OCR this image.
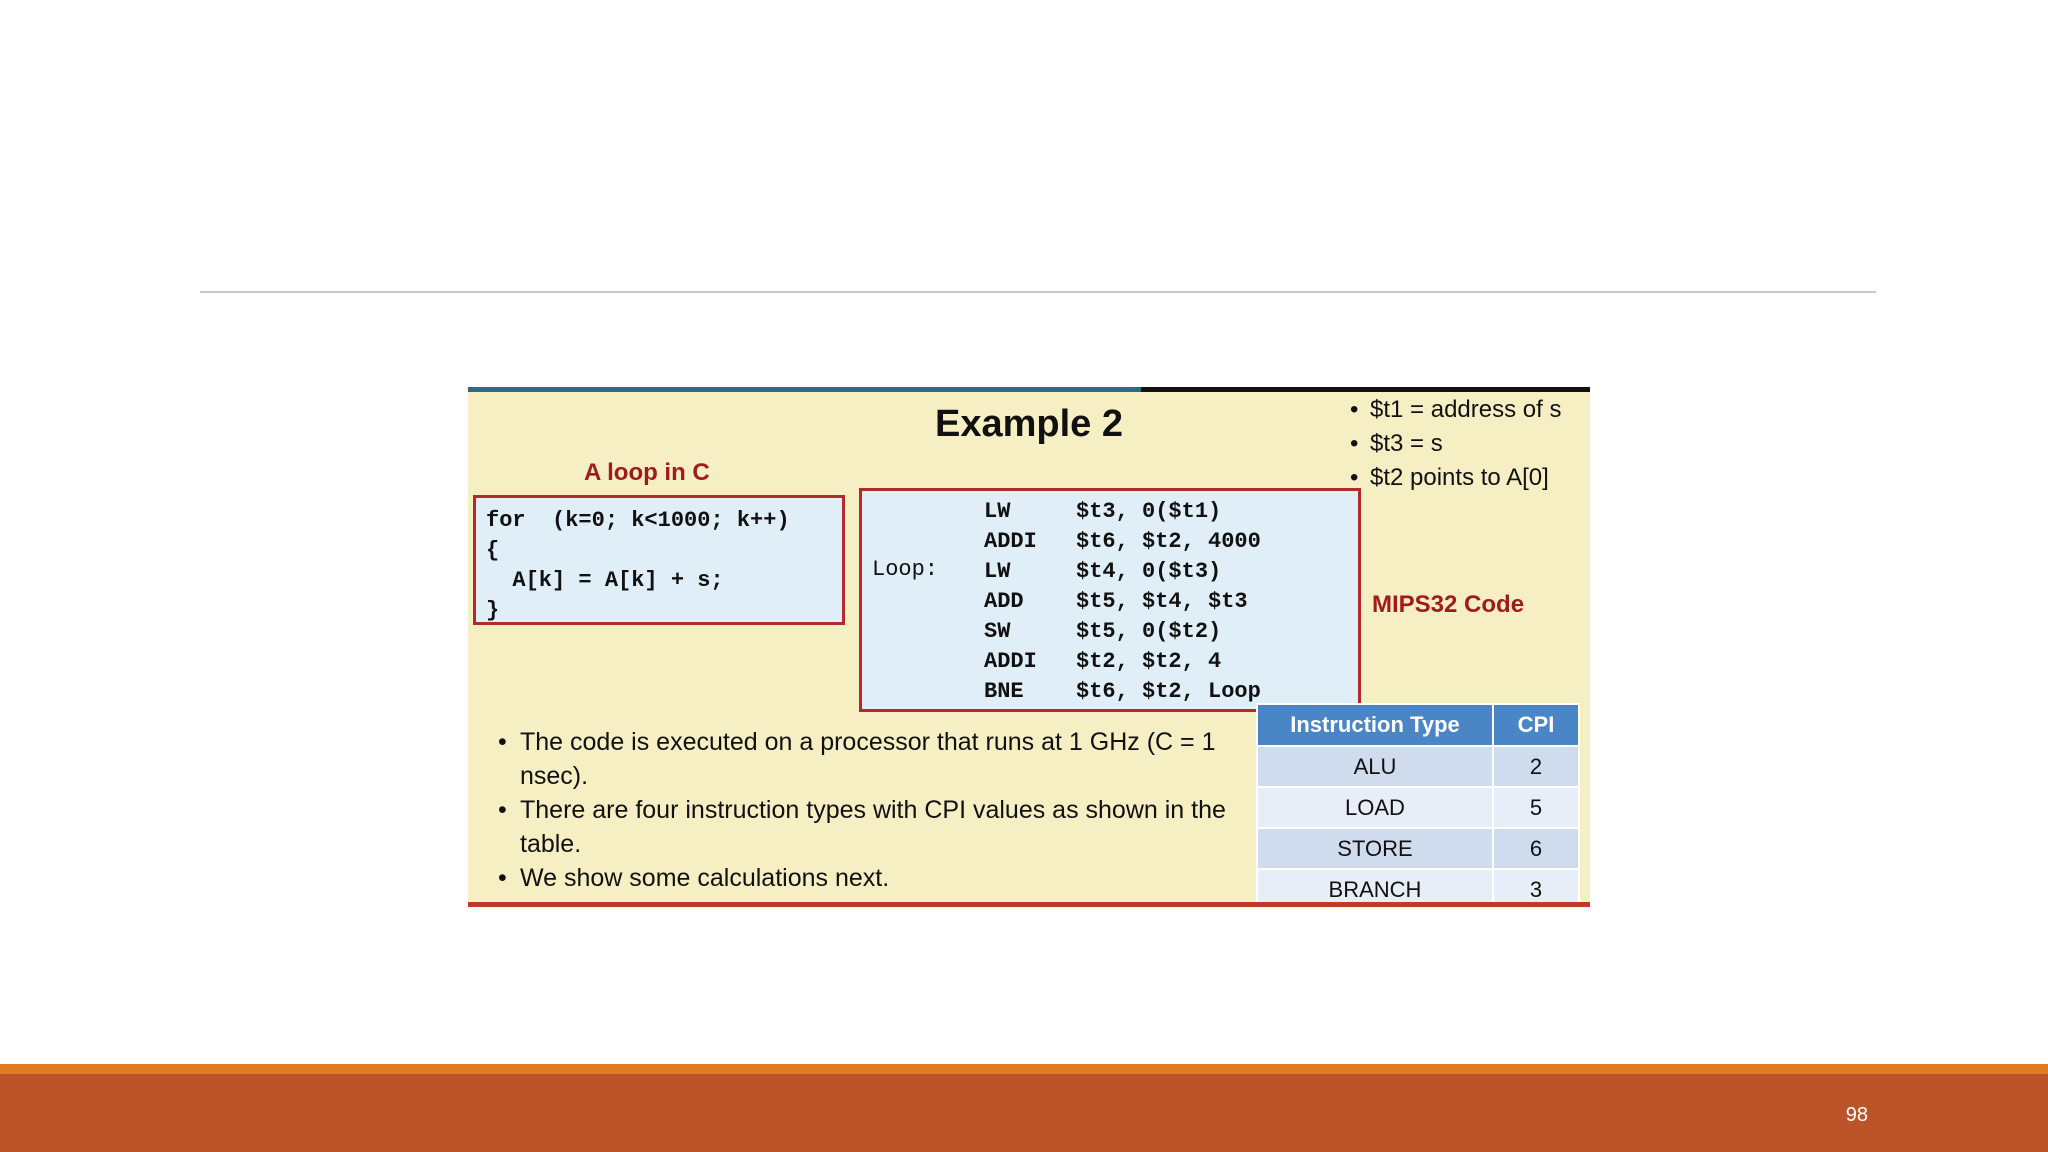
Example 2	• $t1 = address of s
• $t3 = s
• $t2 points to A[0]
A loop in C
for  (k=0; k<1000; k++)
{
A[k] = A[k] + s;
}
Loop:
LW	$t3, 0($t1)
ADDI $t6, $t2, 4000
LW	$t4, 0($t3)
ADD $t5, $t4, $t3
SW	$t5, 0($t2)
ADDI $t2, $t2, 4
BNE $t6, $t2, Loop
MIPS32 Code
• The code is executed on a processor that runs at 1 GHz (C = 1 nsec).
• There are four instruction types with CPI values as shown in the table.
• We show some calculations next.
Instruction Type	CPI
ALU	2
LOAD	5
STORE	6
BRANCH	3
98
